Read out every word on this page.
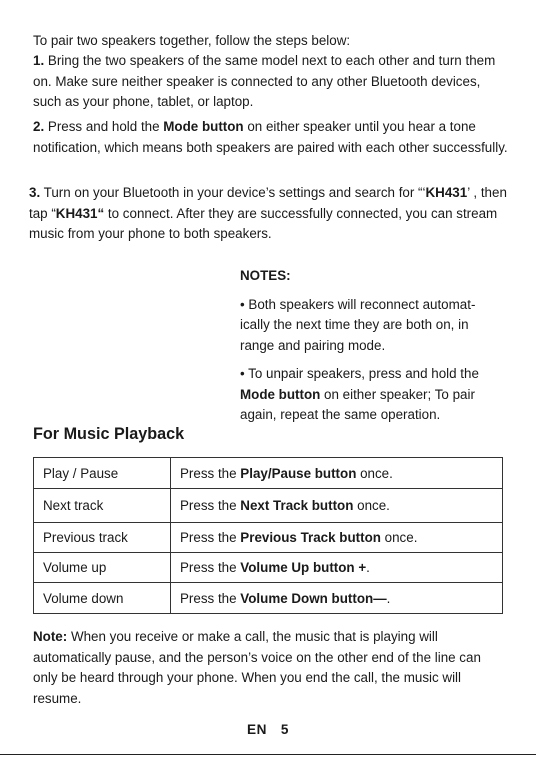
To pair two speakers together, follow the steps below:
1. Bring the two speakers of the same model next to each other and turn them on. Make sure neither speaker is connected to any other Bluetooth devices, such as your phone, tablet, or laptop.
2. Press and hold the Mode button on either speaker until you hear a tone notification, which means both speakers are paired with each other successfully.
3. Turn on your Bluetooth in your device’s settings and search for “‘KH431’ , then tap “KH431“ to connect. After they are successfully connected, you can stream music from your phone to both speakers.
NOTES:
• Both speakers will reconnect automat- ically the next time they are both on, in range and pairing mode.
• To unpair speakers, press and hold the Mode button on either speaker; To pair again, repeat the same operation.
For Music Playback
Play / Pause	Press the Play/Pause button once.
Next track	Press the Next Track button once.
Previous track	Press the Previous Track button once.
Volume up	Press the Volume Up button +.
Volume down	Press the Volume Down button—.
Note: When you receive or make a call, the music that is playing will automatically pause, and the person’s voice on the other end of the line can only be heard through your phone. When you end the call, the music will resume.
EN 5
